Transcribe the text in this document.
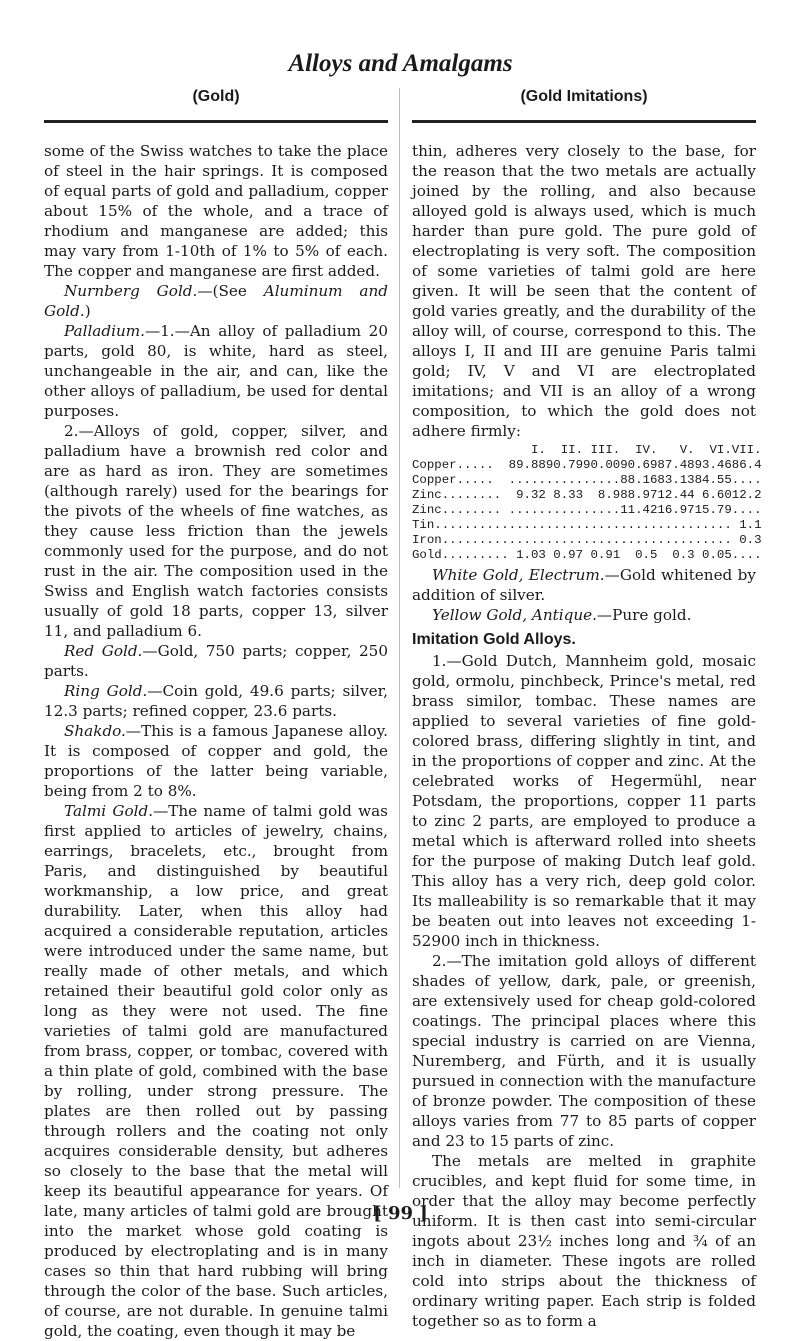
Alloys and Amalgams
(Gold)

some of the Swiss watches to take the place of steel in the hair springs. It is composed of equal parts of gold and palladium, copper about 15% of the whole, and a trace of rhodium and manganese are added; this may vary from 1-10th of 1% to 5% of each. The copper and manganese are first added.

Nurnberg Gold.—(See Aluminum and Gold.)

Palladium.—1.—An alloy of palladium 20 parts, gold 80, is white, hard as steel, unchangeable in the air, and can, like the other alloys of palladium, be used for dental purposes.

2.—Alloys of gold, copper, silver, and palladium have a brownish red color and are as hard as iron. They are sometimes (although rarely) used for the bearings for the pivots of the wheels of fine watches, as they cause less friction than the jewels commonly used for the purpose, and do not rust in the air. The composition used in the Swiss and English watch factories consists usually of gold 18 parts, copper 13, silver 11, and palladium 6.

Red Gold.—Gold, 750 parts; copper, 250 parts.

Ring Gold.—Coin gold, 49.6 parts; silver, 12.3 parts; refined copper, 23.6 parts.

Shakdo.—This is a famous Japanese alloy. It is composed of copper and gold, the proportions of the latter being variable, being from 2 to 8%.

Talmi Gold.—The name of talmi gold was first applied to articles of jewelry, chains, earrings, bracelets, etc., brought from Paris, and distinguished by beautiful workmanship, a low price, and great durability. Later, when this alloy had acquired a considerable reputation, articles were introduced under the same name, but really made of other metals, and which retained their beautiful gold color only as long as they were not used. The fine varieties of talmi gold are manufactured from brass, copper, or tombac, covered with a thin plate of gold, combined with the base by rolling, under strong pressure. The plates are then rolled out by passing through rollers and the coating not only acquires considerable density, but adheres so closely to the base that the metal will keep its beautiful appearance for years. Of late, many articles of talmi gold are brought into the market whose gold coating is produced by electroplating and is in many cases so thin that hard rubbing will bring through the color of the base. Such articles, of course, are not durable. In genuine talmi gold, the coating, even though it may be

(Gold Imitations)

thin, adheres very closely to the base, for the reason that the two metals are actually joined by the rolling, and also because alloyed gold is always used, which is much harder than pure gold. The pure gold of electroplating is very soft. The composition of some varieties of talmi gold are here given. It will be seen that the content of gold varies greatly, and the durability of the alloy will, of course, correspond to this. The alloys I, II and III are genuine Paris talmi gold; IV, V and VI are electroplated imitations; and VII is an alloy of a wrong composition, to which the gold does not adhere firmly:

	I.	II.	III.	IV.	V.	VI.	VII.
Copper.....	89.88	90.79	90.00	90.69	87.48	93.46	86.4
Copper.....	.....	.....	.....	88.16	83.13	84.55	....
Zinc........	9.32	8.33	8.9	88.97	12.44	6.60	12.2
Zinc........	.....	.....	.....	11.42	16.97	15.79	....
Tin..........	.....	.....	.....	.....	.....	.....	1.1
Iron.........	.....	.....	.....	.....	.....	.....	0.3
Gold.........	1.03	0.97	0.91	0.5	0.3	0.05	....

White Gold, Electrum.—Gold whitened by addition of silver.

Yellow Gold, Antique.—Pure gold.

Imitation Gold Alloys.

1.—Gold Dutch, Mannheim gold, mosaic gold, ormolu, pinchbeck, Prince's metal, red brass similor, tombac. These names are applied to several varieties of fine gold-colored brass, differing slightly in tint, and in the proportions of copper and zinc. At the celebrated works of Hegermühl, near Potsdam, the proportions, copper 11 parts to zinc 2 parts, are employed to produce a metal which is afterward rolled into sheets for the purpose of making Dutch leaf gold. This alloy has a very rich, deep gold color. Its malleability is so remarkable that it may be beaten out into leaves not exceeding 1-52900 inch in thickness.

2.—The imitation gold alloys of different shades of yellow, dark, pale, or greenish, are extensively used for cheap gold-colored coatings. The principal places where this special industry is carried on are Vienna, Nuremberg, and Fürth, and it is usually pursued in connection with the manufacture of bronze powder. The composition of these alloys varies from 77 to 85 parts of copper and 23 to 15 parts of zinc.

The metals are melted in graphite crucibles, and kept fluid for some time, in order that the alloy may become perfectly uniform. It is then cast into semi-circular ingots about 23½ inches long and ¾ of an inch in diameter. These ingots are rolled cold into strips about the thickness of ordinary writing paper. Each strip is folded together so as to form a

[ 99 ]
